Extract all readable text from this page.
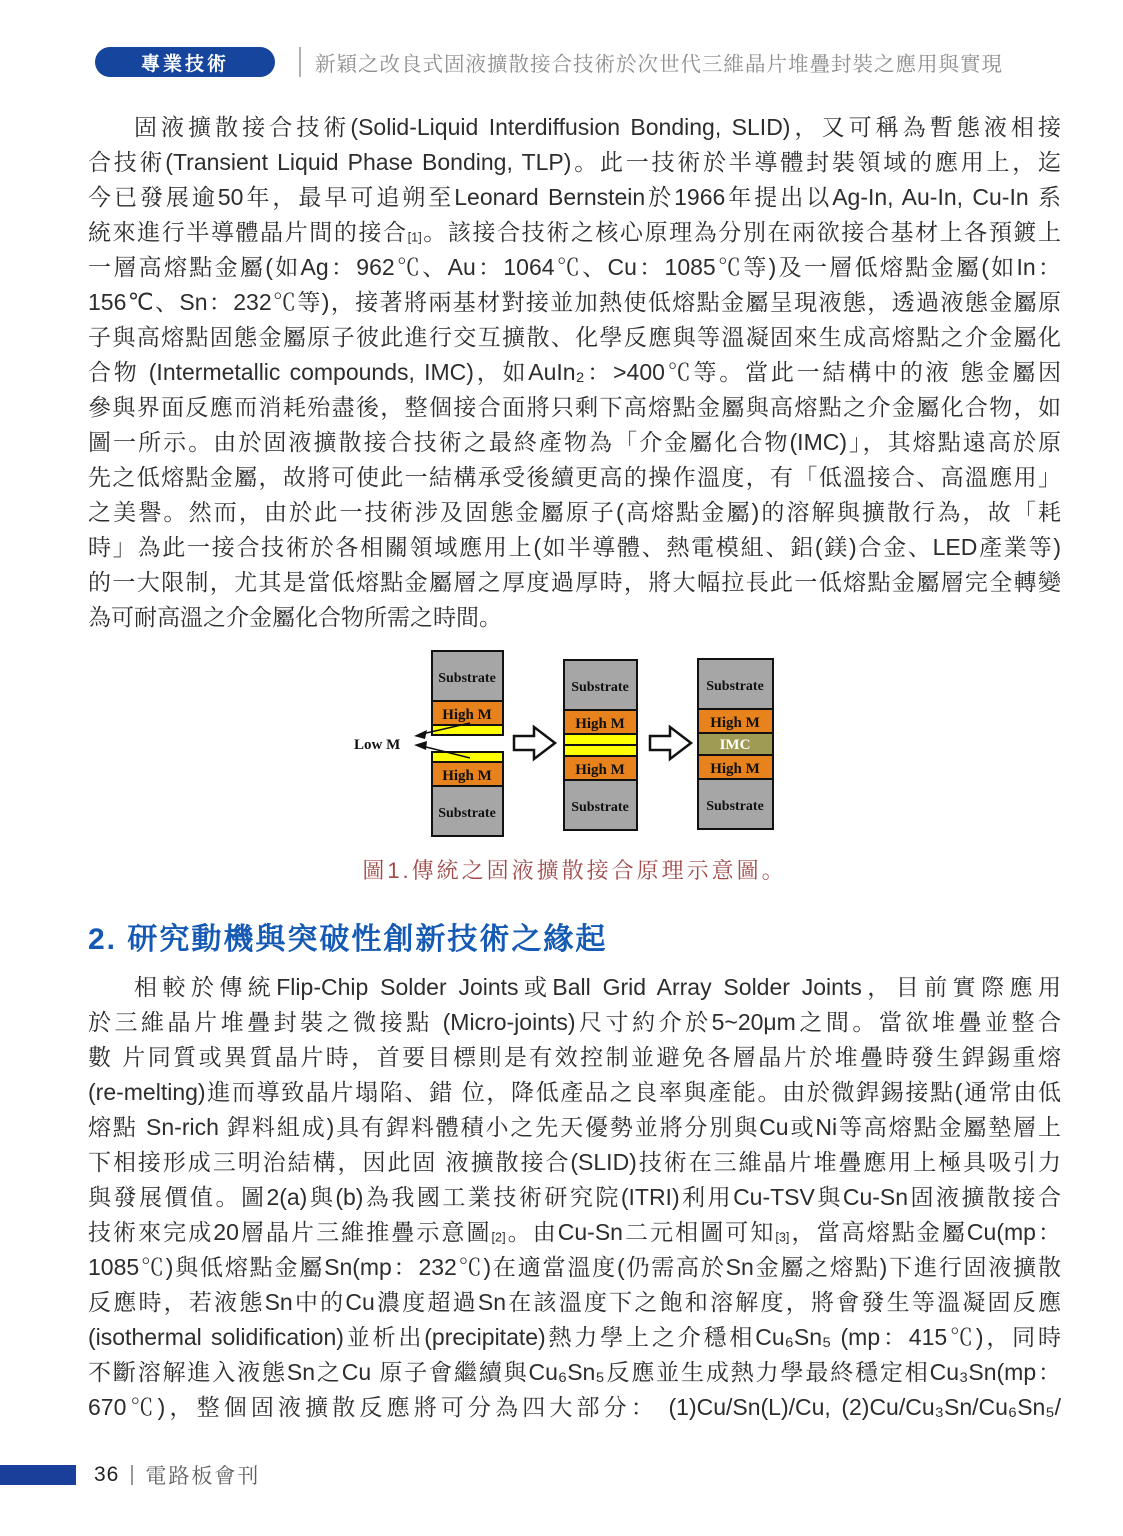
專業技術	新穎之改良式固液擴散接合技術於次世代三維晶片堆疊封裝之應用與實現
固液擴散接合技術(Solid-Liquid Interdiffusion Bonding, SLID)，又可稱為暫態液相接
合技術(Transient Liquid Phase Bonding, TLP)。此一技術於半導體封裝領域的應用上，迄
今已發展逾50年，最早可追朔至Leonard Bernstein於1966年提出以Ag-In, Au-In, Cu-In 系
統來進行半導體晶片間的接合$_{[1]}$。該接合技術之核心原理為分別在兩欲接合基材上各預鍍上
一層高熔點金屬(如Ag：962℃、Au：1064℃、Cu：1085℃等)及一層低熔點金屬(如In：
156℃、Sn：232℃等)，接著將兩基材對接並加熱使低熔點金屬呈現液態，透過液態金屬原
子與高熔點固態金屬原子彼此進行交互擴散、化學反應與等溫凝固來生成高熔點之介金屬化
合物 (Intermetallic compounds, IMC)，如AuIn₂：>400℃等。當此一結構中的液 態金屬因
參與界面反應而消耗殆盡後，整個接合面將只剩下高熔點金屬與高熔點之介金屬化合物，如
圖一所示。由於固液擴散接合技術之最終產物為「介金屬化合物(IMC)」，其熔點遠高於原
先之低熔點金屬，故將可使此一結構承受後續更高的操作溫度，有「低溫接合、高溫應用」
之美譽。然而，由於此一技術涉及固態金屬原子(高熔點金屬)的溶解與擴散行為，故「耗
時」為此一接合技術於各相關領域應用上(如半導體、熱電模組、鋁(鎂)合金、LED產業等)
的一大限制，尤其是當低熔點金屬層之厚度過厚時，將大幅拉長此一低熔點金屬層完全轉變
為可耐高溫之介金屬化合物所需之時間。
Substrate
High M
High M
Substrate
Low M
Substrate
High M
High M
Substrate
Substrate
High M
IMC
High M
Substrate
圖1.傳統之固液擴散接合原理示意圖。
2. 研究動機與突破性創新技術之緣起
相較於傳統Flip-Chip Solder Joints或Ball Grid Array Solder Joints，目前實際應用
於三維晶片堆疊封裝之微接點 (Micro-joints)尺寸約介於5~20μm之間。當欲堆疊並整合
數 片同質或異質晶片時，首要目標則是有效控制並避免各層晶片於堆疊時發生銲錫重熔
(re-melting)進而導致晶片塌陷、錯 位，降低產品之良率與產能。由於微銲錫接點(通常由低
熔點 Sn-rich 銲料組成)具有銲料體積小之先天優勢並將分別與Cu或Ni等高熔點金屬墊層上
下相接形成三明治結構，因此固 液擴散接合(SLID)技術在三維晶片堆疊應用上極具吸引力
與發展價值。圖2(a)與(b)為我國工業技術研究院(ITRI)利用Cu-TSV與Cu-Sn固液擴散接合
技術來完成20層晶片三維推疊示意圖$_{[2]}$。由Cu-Sn二元相圖可知$_{[3]}$，當高熔點金屬Cu(mp：
1085℃)與低熔點金屬Sn(mp：232℃)在適當溫度(仍需高於Sn金屬之熔點)下進行固液擴散
反應時，若液態Sn中的Cu濃度超過Sn在該溫度下之飽和溶解度，將會發生等溫凝固反應
(isothermal solidification)並析出(precipitate)熱力學上之介穩相Cu₆Sn₅ (mp：415℃)，同時
不斷溶解進入液態Sn之Cu 原子會繼續與Cu₆Sn₅反應並生成熱力學最終穩定相Cu₃Sn(mp：
670℃)，整個固液擴散反應將可分為四大部分： (1)Cu/Sn(L)/Cu, (2)Cu/Cu₃Sn/Cu₆Sn₅/
36 電路板會刊
